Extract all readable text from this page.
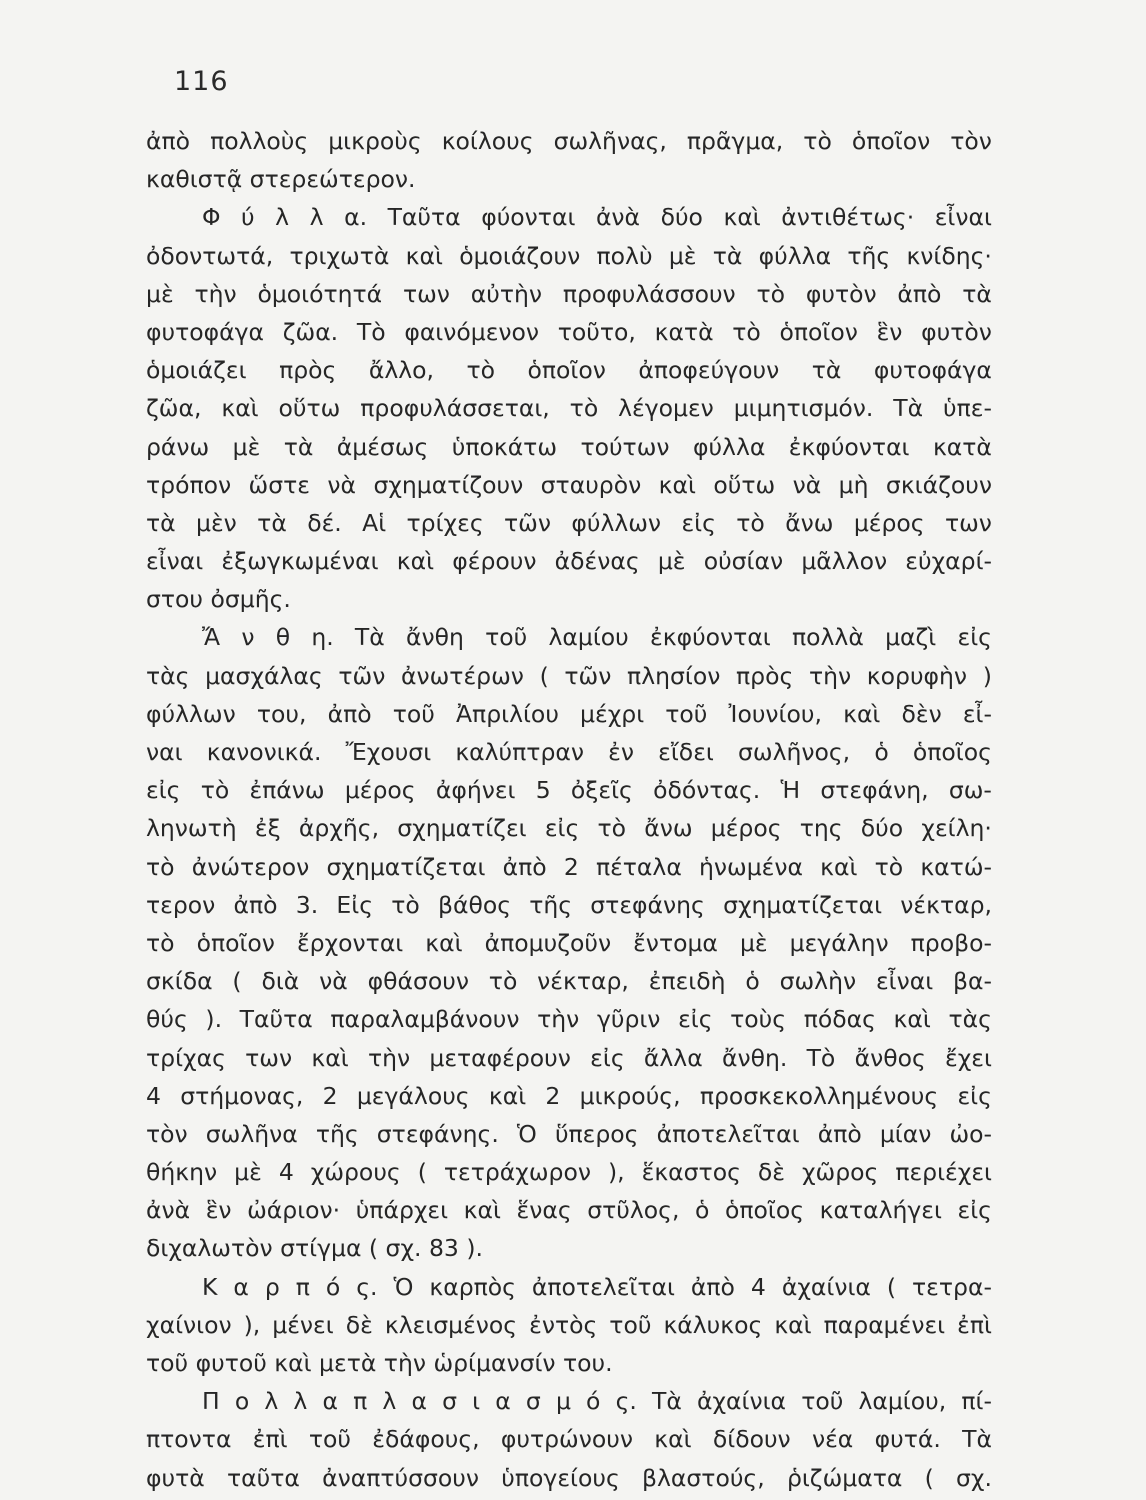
116
ἀπὸ πολλοὺς μικροὺς κοίλους σωλῆνας, πρᾶγμα, τὸ ὁποῖον τὸν
καθιστᾷ στερεώτερον.
Φ ύ λ λ α. Ταῦτα φύονται ἀνὰ δύο καὶ ἀντιθέτως· εἶναι
ὀδοντωτά, τριχωτὰ καὶ ὁμοιάζουν πολὺ μὲ τὰ φύλλα τῆς κνίδης·
μὲ τὴν ὁμοιότητά των αὐτὴν προφυλάσσουν τὸ φυτὸν ἀπὸ τὰ
φυτοφάγα ζῶα. Τὸ φαινόμενον τοῦτο, κατὰ τὸ ὁποῖον ἓν φυτὸν
ὁμοιάζει πρὸς ἄλλο, τὸ ὁποῖον ἀποφεύγουν τὰ φυτοφάγα
ζῶα, καὶ οὕτω προφυλάσσεται, τὸ λέγομεν μιμητισμόν. Τὰ ὑπε-
ράνω μὲ τὰ ἀμέσως ὑποκάτω τούτων φύλλα ἐκφύονται κατὰ
τρόπον ὥστε νὰ σχηματίζουν σταυρὸν καὶ οὕτω νὰ μὴ σκιάζουν
τὰ μὲν τὰ δέ. Αἱ τρίχες τῶν φύλλων εἰς τὸ ἄνω μέρος των
εἶναι ἐξωγκωμέναι καὶ φέρουν ἀδένας μὲ οὐσίαν μᾶλλον εὐχαρί-
στου ὀσμῆς.
Ἄ ν θ η. Τὰ ἄνθη τοῦ λαμίου ἐκφύονται πολλὰ μαζὶ εἰς
τὰς μασχάλας τῶν ἀνωτέρων ( τῶν πλησίον πρὸς τὴν κορυφὴν )
φύλλων του, ἀπὸ τοῦ Ἀπριλίου μέχρι τοῦ Ἰουνίου, καὶ δὲν εἶ-
ναι κανονικά. Ἔχουσι καλύπτραν ἐν εἴδει σωλῆνος, ὁ ὁποῖος
εἰς τὸ ἐπάνω μέρος ἀφήνει 5 ὀξεῖς ὀδόντας. Ἡ στεφάνη, σω-
ληνωτὴ ἐξ ἀρχῆς, σχηματίζει εἰς τὸ ἄνω μέρος της δύο χείλη·
τὸ ἀνώτερον σχηματίζεται ἀπὸ 2 πέταλα ἡνωμένα καὶ τὸ κατώ-
τερον ἀπὸ 3. Εἰς τὸ βάθος τῆς στεφάνης σχηματίζεται νέκταρ,
τὸ ὁποῖον ἔρχονται καὶ ἀπομυζοῦν ἔντομα μὲ μεγάλην προβο-
σκίδα ( διὰ νὰ φθάσουν τὸ νέκταρ, ἐπειδὴ ὁ σωλὴν εἶναι βα-
θύς ). Ταῦτα παραλαμβάνουν τὴν γῦριν εἰς τοὺς πόδας καὶ τὰς
τρίχας των καὶ τὴν μεταφέρουν εἰς ἄλλα ἄνθη. Τὸ ἄνθος ἔχει
4 στήμονας, 2 μεγάλους καὶ 2 μικρούς, προσκεκολλημένους εἰς
τὸν σωλῆνα τῆς στεφάνης. Ὁ ὕπερος ἀποτελεῖται ἀπὸ μίαν ὠο-
θήκην μὲ 4 χώρους ( τετράχωρον ), ἕκαστος δὲ χῶρος περιέχει
ἀνὰ ἓν ὠάριον· ὑπάρχει καὶ ἕνας στῦλος, ὁ ὁποῖος καταλήγει εἰς
διχαλωτὸν στίγμα ( σχ. 83 ).
Κ α ρ π ό ς. Ὁ καρπὸς ἀποτελεῖται ἀπὸ 4 ἀχαίνια ( τετρα-
χαίνιον ), μένει δὲ κλεισμένος ἐντὸς τοῦ κάλυκος καὶ παραμένει ἐπὶ
τοῦ φυτοῦ καὶ μετὰ τὴν ὡρίμανσίν του.
Π ο λ λ α π λ α σ ι α σ μ ό ς. Τὰ ἀχαίνια τοῦ λαμίου, πί-
πτοντα ἐπὶ τοῦ ἐδάφους, φυτρώνουν καὶ δίδουν νέα φυτά. Τὰ
φυτὰ ταῦτα ἀναπτύσσουν ὑπογείους βλαστούς, ῥιζώματα ( σχ.
